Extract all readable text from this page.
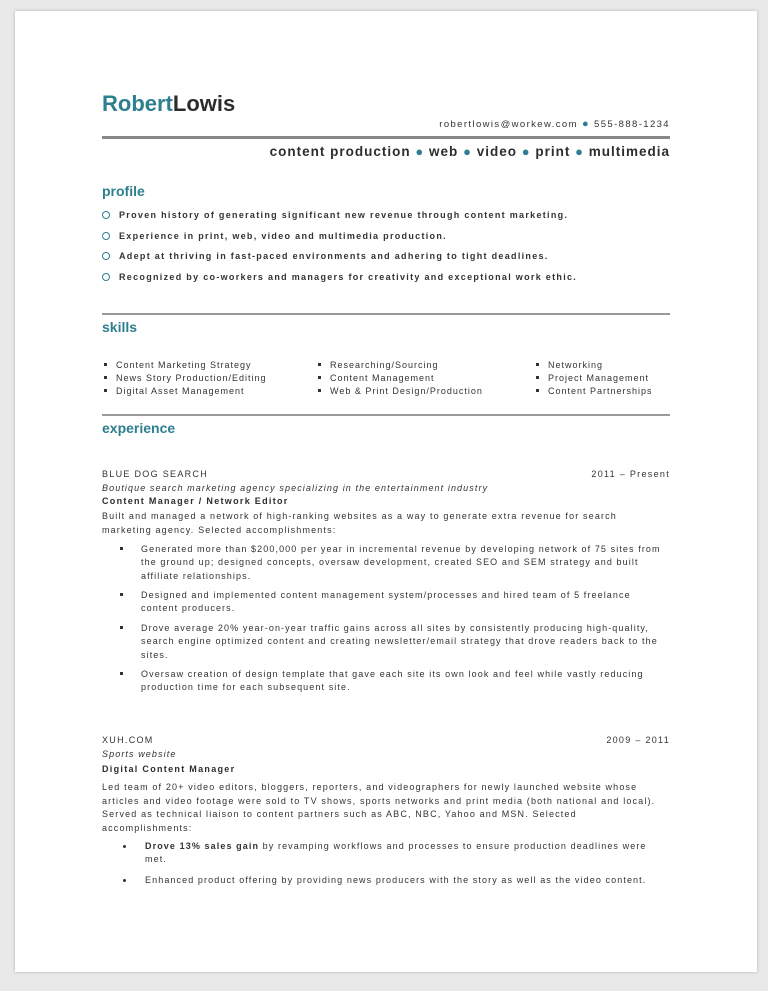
RobertLowis
robertlowis@workew.com ● 555-888-1234
content production ● web ● video ● print ● multimedia
profile
Proven history of generating significant new revenue through content marketing.
Experience in print, web, video and multimedia production.
Adept at thriving in fast-paced environments and adhering to tight deadlines.
Recognized by co-workers and managers for creativity and exceptional work ethic.
skills
Content Marketing Strategy
News Story Production/Editing
Digital Asset Management
Researching/Sourcing
Content Management
Web & Print Design/Production
Networking
Project Management
Content Partnerships
experience
BLUE DOG SEARCH	2011 – Present
Boutique search marketing agency specializing in the entertainment industry
Content Manager / Network Editor
Built and managed a network of high-ranking websites as a way to generate extra revenue for search marketing agency. Selected accomplishments:
Generated more than $200,000 per year in incremental revenue by developing network of 75 sites from the ground up; designed concepts, oversaw development, created SEO and SEM strategy and built affiliate relationships.
Designed and implemented content management system/processes and hired team of 5 freelance content producers.
Drove average 20% year-on-year traffic gains across all sites by consistently producing high-quality, search engine optimized content and creating newsletter/email strategy that drove readers back to the sites.
Oversaw creation of design template that gave each site its own look and feel while vastly reducing production time for each subsequent site.
XUH.COM	2009 – 2011
Sports website
Digital Content Manager
Led team of 20+ video editors, bloggers, reporters, and videographers for newly launched website whose articles and video footage were sold to TV shows, sports networks and print media (both national and local). Served as technical liaison to content partners such as ABC, NBC, Yahoo and MSN. Selected accomplishments:
Drove 13% sales gain by revamping workflows and processes to ensure production deadlines were met.
Enhanced product offering by providing news producers with the story as well as the video content.
